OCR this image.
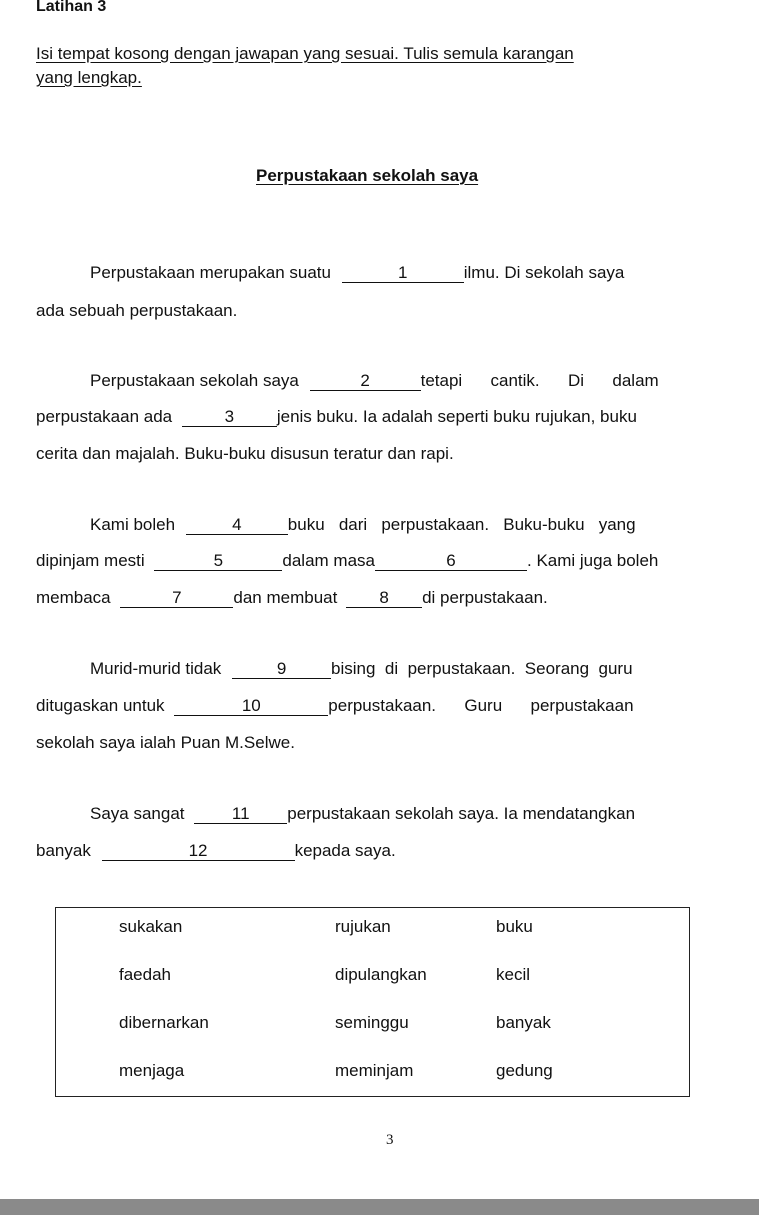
Latihan 3
Isi tempat kosong dengan jawapan yang sesuai. Tulis semula karangan
yang lengkap.
Perpustakaan sekolah saya
Perpustakaan merupakan suatu	1	ilmu. Di sekolah saya
ada sebuah perpustakaan.
Perpustakaan sekolah saya	2	tetapi      cantik.      Di      dalam
perpustakaan ada	3	jenis buku. Ia adalah seperti buku rujukan, buku
cerita dan majalah. Buku-buku disusun teratur dan rapi.
Kami boleh	4	buku   dari   perpustakaan.   Buku-buku   yang
dipinjam mesti	5	dalam masa	6	. Kami juga boleh
membaca	7	dan membuat 8 di perpustakaan.
Murid-murid tidak	9	bising  di  perpustakaan.  Seorang  guru
ditugaskan untuk	10	perpustakaan.      Guru      perpustakaan
sekolah saya ialah Puan M.Selwe.
Saya sangat	11 perpustakaan sekolah saya. Ia mendatangkan
banyak	12	kepada saya.
sukakan	rujukan	buku
faedah	dipulangkan	kecil
dibernarkan	seminggu	banyak
menjaga	meminjam	gedung
3
